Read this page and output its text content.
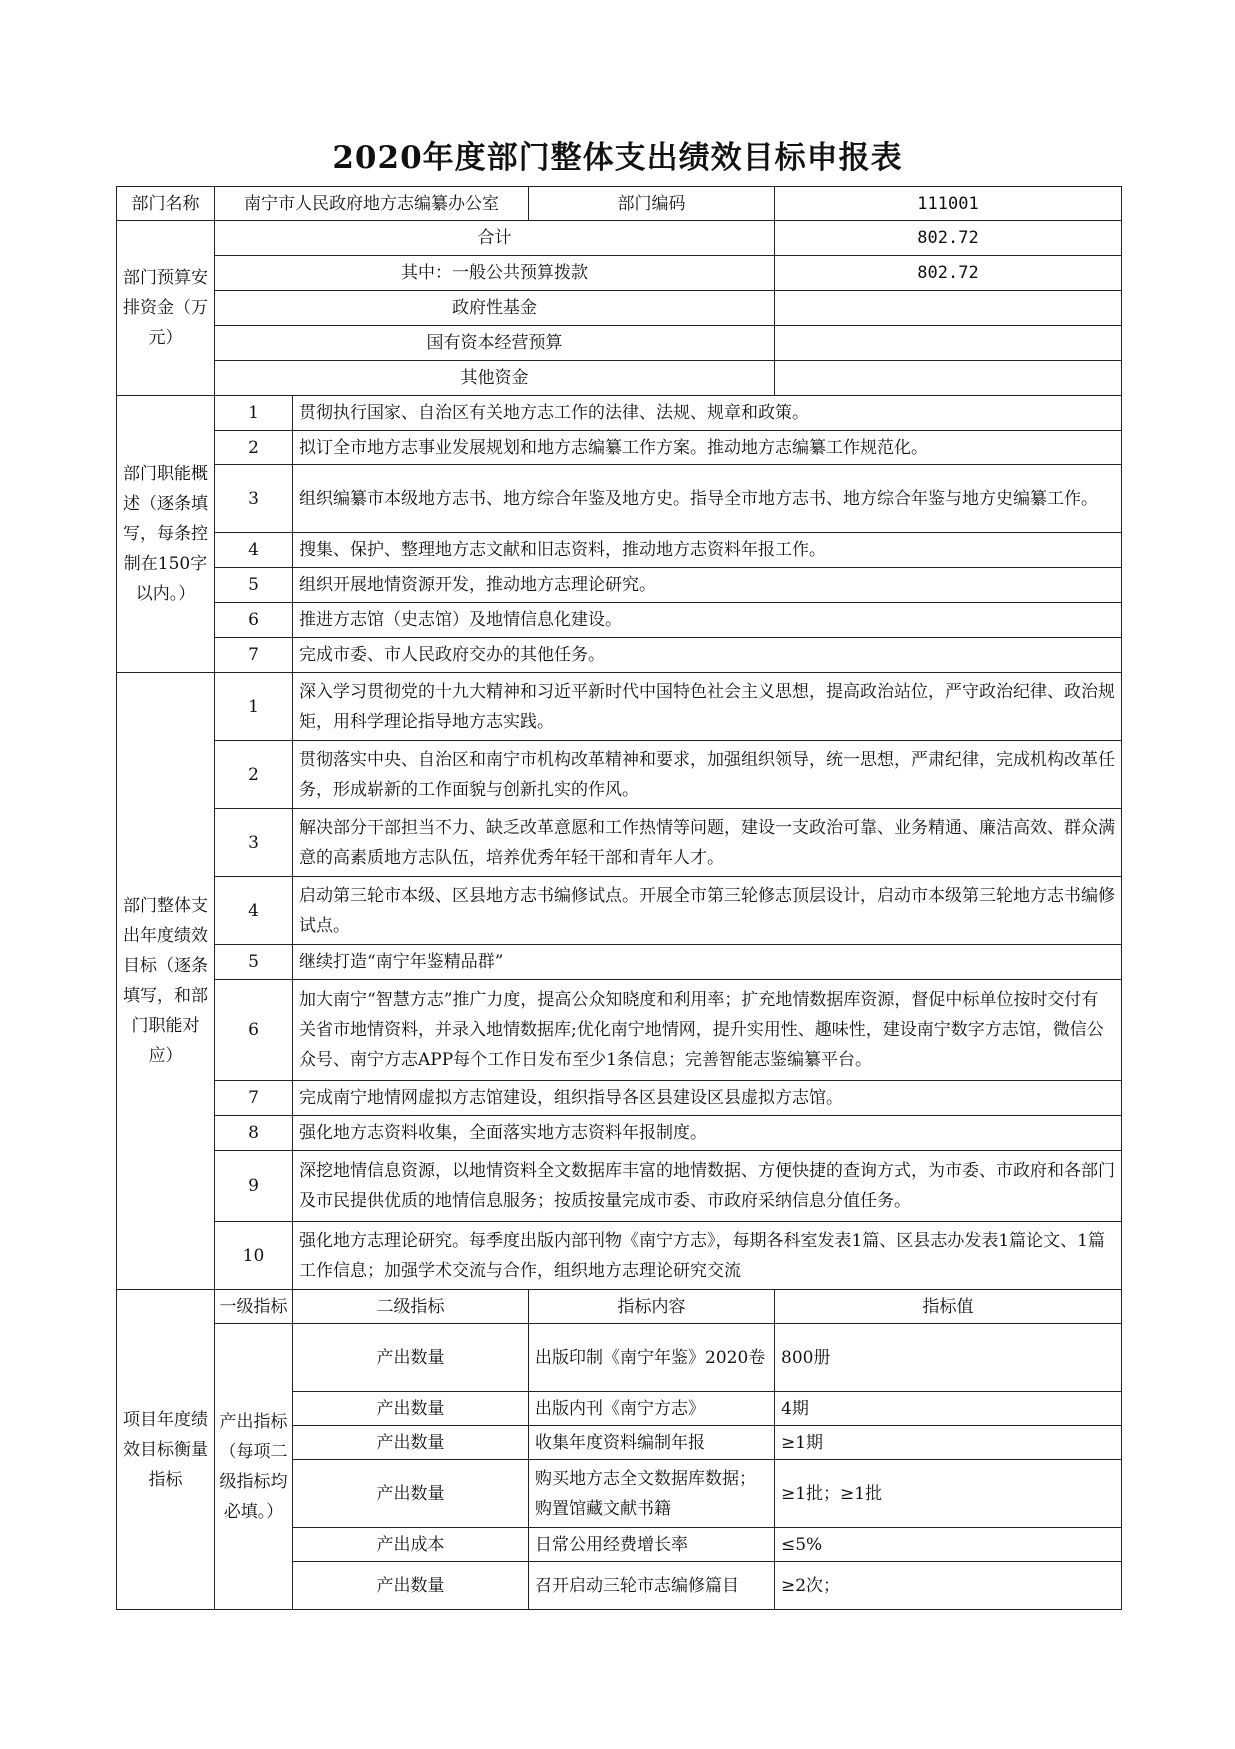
2020年度部门整体支出绩效目标申报表
部门名称	南宁市人民政府地方志编纂办公室		部门编码	111001
部门预算安排资金（万元）	合计			802.72
	其中：一般公共预算拨款			802.72
	政府性基金			
	国有资本经营预算			
	其他资金			
部门职能概述（逐条填写，每条控制在150字以内。）	1	贯彻执行国家、自治区有关地方志工作的法律、法规、规章和政策。		
	2	拟订全市地方志事业发展规划和地方志编纂工作方案。推动地方志编纂工作规范化。		
	3	组织编纂市本级地方志书、地方综合年鉴及地方史。指导全市地方志书、地方综合年鉴与地方史编纂工作。		
	4	搜集、保护、整理地方志文献和旧志资料，推动地方志资料年报工作。		
	5	组织开展地情资源开发，推动地方志理论研究。		
	6	推进方志馆（史志馆）及地情信息化建设。		
	7	完成市委、市人民政府交办的其他任务。		
部门整体支出年度绩效目标（逐条填写，和部门职能对应）	1	深入学习贯彻党的十九大精神和习近平新时代中国特色社会主义思想，提高政治站位，严守政治纪律、政治规矩，用科学理论指导地方志实践。		
	2	贯彻落实中央、自治区和南宁市机构改革精神和要求，加强组织领导，统一思想，严肃纪律，完成机构改革任务，形成崭新的工作面貌与创新扎实的作风。		
	3	解决部分干部担当不力、缺乏改革意愿和工作热情等问题，建设一支政治可靠、业务精通、廉洁高效、群众满意的高素质地方志队伍，培养优秀年轻干部和青年人才。		
	4	启动第三轮市本级、区县地方志书编修试点。开展全市第三轮修志顶层设计，启动市本级第三轮地方志书编修试点。		
	5	继续打造“南宁年鉴精品群”		
	6	加大南宁“智慧方志”推广力度，提高公众知晓度和利用率；扩充地情数据库资源，督促中标单位按时交付有关省市地情资料，并录入地情数据库;优化南宁地情网，提升实用性、趣味性，建设南宁数字方志馆，微信公众号、南宁方志APP每个工作日发布至少1条信息；完善智能志鉴编纂平台。		
	7	完成南宁地情网虚拟方志馆建设，组织指导各区县建设区县虚拟方志馆。		
	8	强化地方志资料收集，全面落实地方志资料年报制度。		
	9	深挖地情信息资源，以地情资料全文数据库丰富的地情数据、方便快捷的查询方式，为市委、市政府和各部门及市民提供优质的地情信息服务；按质按量完成市委、市政府采纳信息分值任务。		
	10	强化地方志理论研究。每季度出版内部刊物《南宁方志》，每期各科室发表1篇、区县志办发表1篇论文、1篇工作信息；加强学术交流与合作，组织地方志理论研究交流		
项目年度绩效目标衡量指标	一级指标	二级指标	指标内容	指标值
	产出指标（每项二级指标均必填。）	产出数量	出版印制《南宁年鉴》2020卷	800册
		产出数量	出版内刊《南宁方志》	4期
		产出数量	收集年度资料编制年报	≥1期
		产出数量	购买地方志全文数据库数据；购置馆藏文献书籍	≥1批；≥1批
		产出成本	日常公用经费增长率	≤5%
		产出数量	召开启动三轮市志编修篇目	≥2次；
